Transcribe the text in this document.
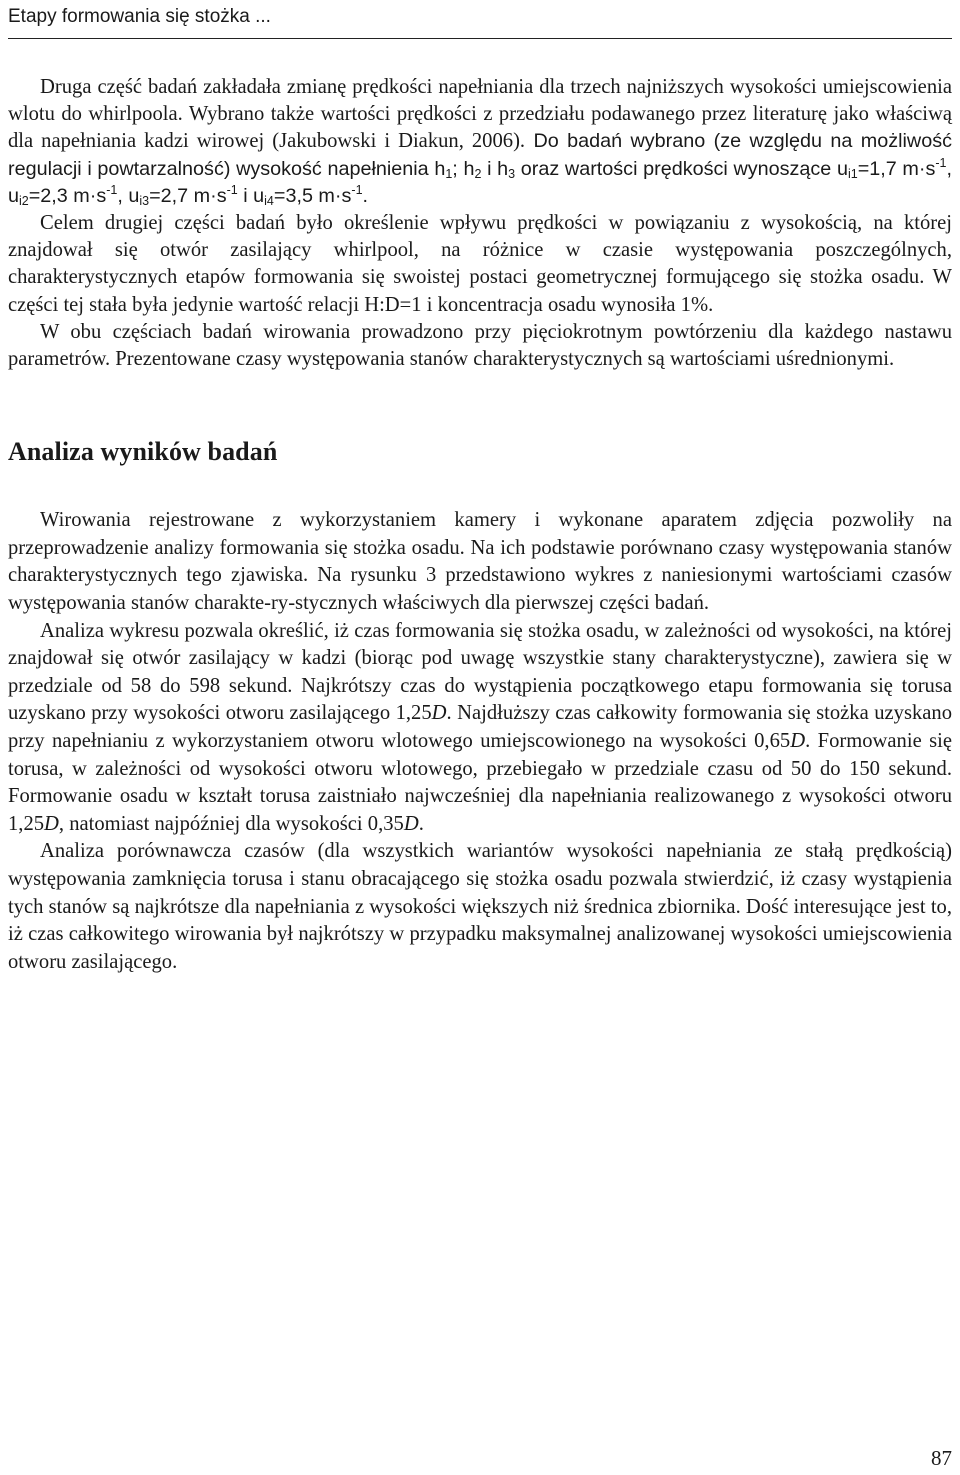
Etapy formowania się stożka ...

Druga część badań zakładała zmianę prędkości napełniania dla trzech najniższych wysokości umiejscowienia wlotu do whirlpoola. Wybrano także wartości prędkości z przedziału podawanego przez literaturę jako właściwą dla napełniania kadzi wirowej (Jakubowski i Diakun, 2006). Do badań wybrano (ze względu na możliwość regulacji i powtarzalność) wysokość napełnienia $h_1$; $h_2$ i $h_3$ oraz wartości prędkości wynoszące $u_{i1}=1,7$ $m\cdot s^{-1}$, $u_{i2}=2,3$ $m\cdot s^{-1}$, $u_{i3}=2,7$ $m\cdot s^{-1}$ i $u_{i4}=3,5$ $m\cdot s^{-1}$.

Celem drugiej części badań było określenie wpływu prędkości w powiązaniu z wysokością, na której znajdował się otwór zasilający whirlpool, na różnice w czasie występowania poszczególnych, charakterystycznych etapów formowania się swoistej postaci geometrycznej formującego się stożka osadu. W części tej stała była jedynie wartość relacji H:D=1 i koncentracja osadu wynosiła 1%.

W obu częściach badań wirowania prowadzono przy pięciokrotnym powtórzeniu dla każdego nastawu parametrów. Prezentowane czasy występowania stanów charakterystycznych są wartościami uśrednionymi.

Analiza wyników badań

Wirowania rejestrowane z wykorzystaniem kamery i wykonane aparatem zdjęcia pozwoliły na przeprowadzenie analizy formowania się stożka osadu. Na ich podstawie porównano czasy występowania stanów charakterystycznych tego zjawiska. Na rysunku 3 przedstawiono wykres z naniesionymi wartościami czasów występowania stanów charakte-ry-stycznych właściwych dla pierwszej części badań.

Analiza wykresu pozwala określić, iż czas formowania się stożka osadu, w zależności od wysokości, na której znajdował się otwór zasilający w kadzi (biorąc pod uwagę wszystkie stany charakterystyczne), zawiera się w przedziale od 58 do 598 sekund. Najkrótszy czas do wystąpienia początkowego etapu formowania się torusa uzyskano przy wysokości otworu zasilającego 1,25D. Najdłuższy czas całkowity formowania się stożka uzyskano przy napełnianiu z wykorzystaniem otworu wlotowego umiejscowionego na wysokości 0,65D. Formowanie się torusa, w zależności od wysokości otworu wlotowego, przebiegało w przedziale czasu od 50 do 150 sekund. Formowanie osadu w kształt torusa zaistniało najwcześniej dla napełniania realizowanego z wysokości otworu 1,25D, natomiast najpóźniej dla wysokości 0,35D.

Analiza porównawcza czasów (dla wszystkich wariantów wysokości napełniania ze stałą prędkością) występowania zamknięcia torusa i stanu obracającego się stożka osadu pozwala stwierdzić, iż czasy wystąpienia tych stanów są najkrótsze dla napełniania z wysokości większych niż średnica zbiornika. Dość interesujące jest to, iż czas całkowitego wirowania był najkrótszy w przypadku maksymalnej analizowanej wysokości umiejscowienia otworu zasilającego.

87
